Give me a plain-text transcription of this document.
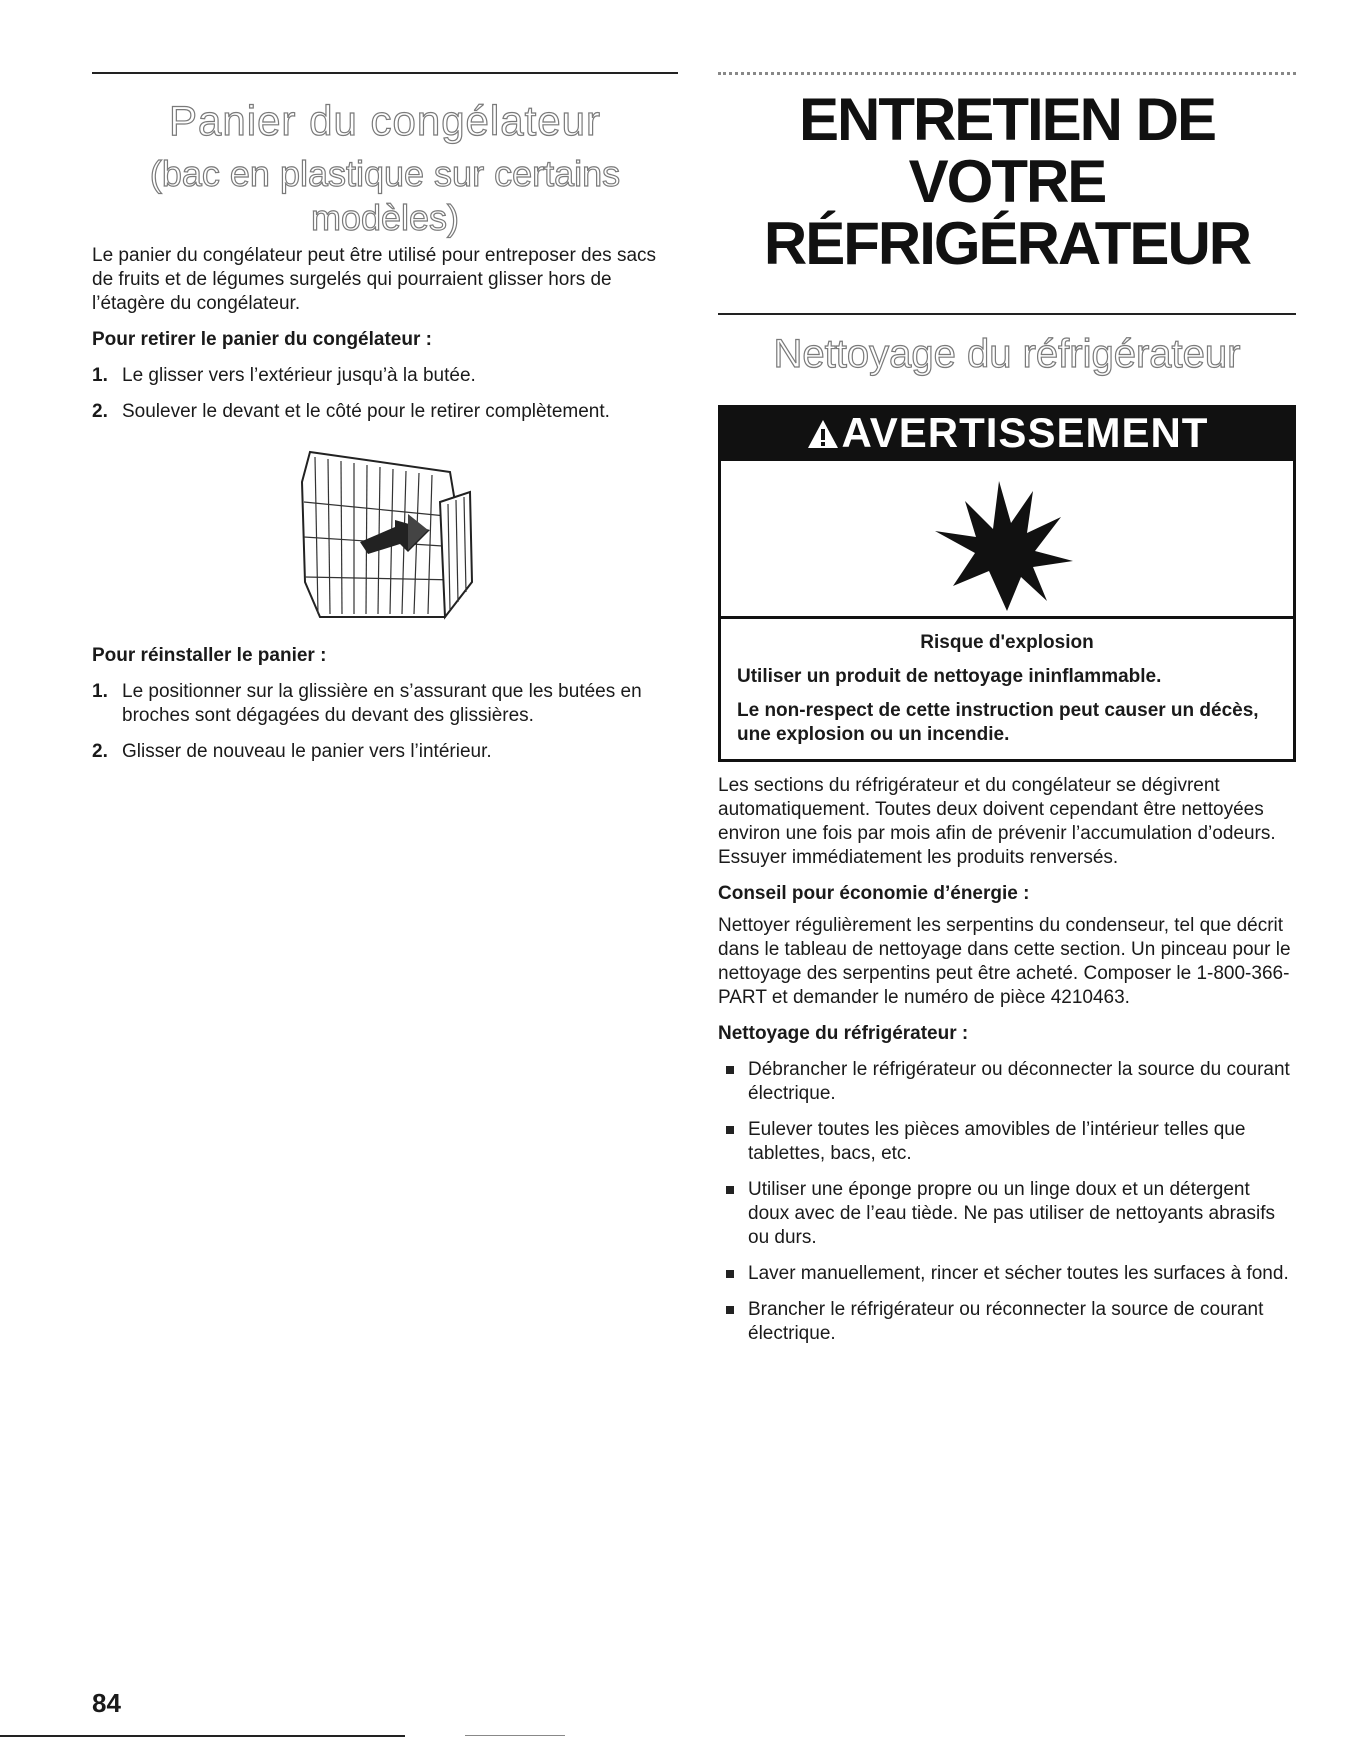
Panier du congélateur
(bac en plastique sur certains modèles)

Le panier du congélateur peut être utilisé pour entreposer des sacs de fruits et de légumes surgelés qui pourraient glisser hors de l’étagère du congélateur.

Pour retirer le panier du congélateur :

1. Le glisser vers l’extérieur jusqu’à la butée.
2. Soulever le devant et le côté pour le retirer complètement.

Pour réinstaller le panier :

1. Le positionner sur la glissière en s’assurant que les butées en broches sont dégagées du devant des glissières.
2. Glisser de nouveau le panier vers l’intérieur.
ENTRETIEN DE
VOTRE
RÉFRIGÉRATEUR
Nettoyage du réfrigérateur
AVERTISSEMENT

Risque d'explosion

Utiliser un produit de nettoyage ininflammable.

Le non-respect de cette instruction peut causer un décès, une explosion ou un incendie.

Les sections du réfrigérateur et du congélateur se dégivrent automatiquement. Toutes deux doivent cependant être nettoyées environ une fois par mois afin de prévenir l’accumulation d’odeurs. Essuyer immédiatement les produits renversés.

Conseil pour économie d’énergie :

Nettoyer régulièrement les serpentins du condenseur, tel que décrit dans le tableau de nettoyage dans cette section. Un pinceau pour le nettoyage des serpentins peut être acheté. Composer le 1-800-366-PART et demander le numéro de pièce 4210463.

Nettoyage du réfrigérateur :

Débrancher le réfrigérateur ou déconnecter la source du courant électrique.
Eulever toutes les pièces amovibles de l’intérieur telles que tablettes, bacs, etc.
Utiliser une éponge propre ou un linge doux et un détergent doux avec de l’eau tiède. Ne pas utiliser de nettoyants abrasifs ou durs.
Laver manuellement, rincer et sécher toutes les surfaces à fond.
Brancher le réfrigérateur ou réconnecter la source de courant électrique.
84
